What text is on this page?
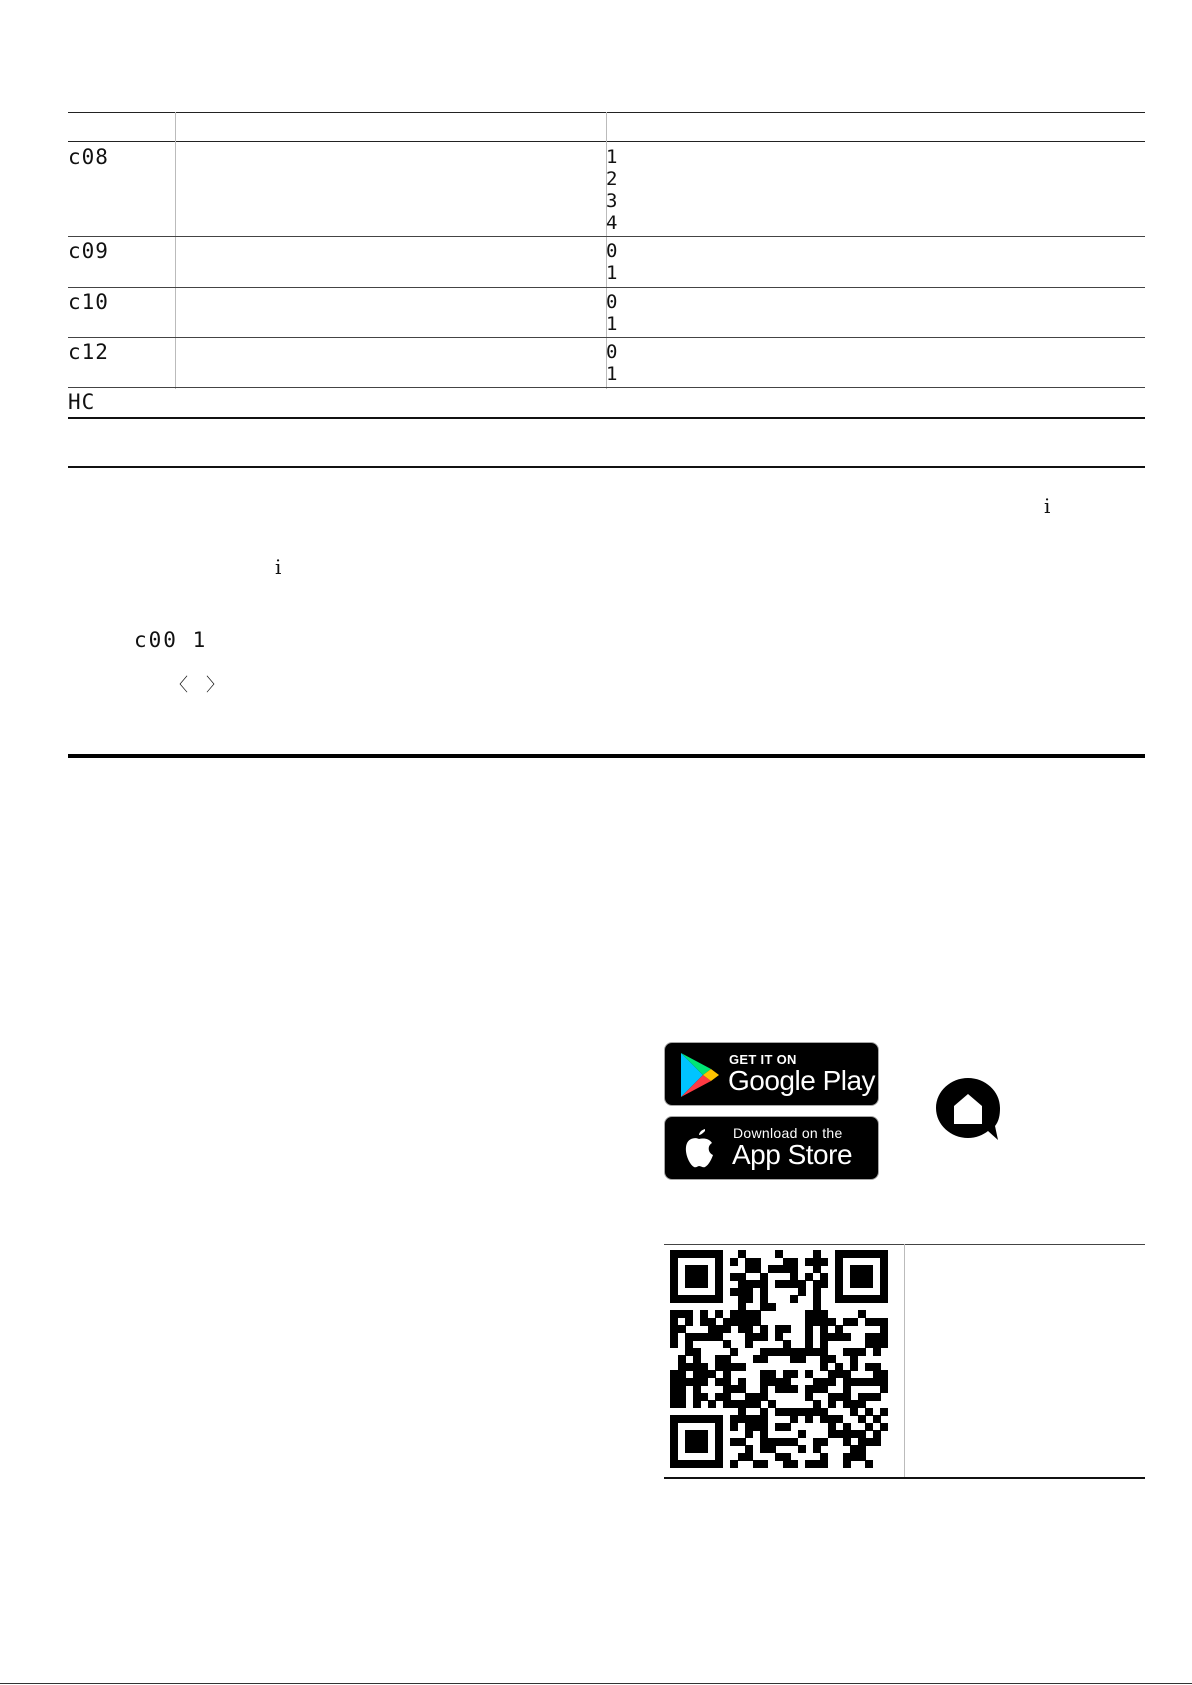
c08	1
2
3
4
c09	0
1
c10	0
1
c12	0
1
HC
i
i
c00 1
〈 〉
GET IT ON
Google Play
Download on the
App Store
